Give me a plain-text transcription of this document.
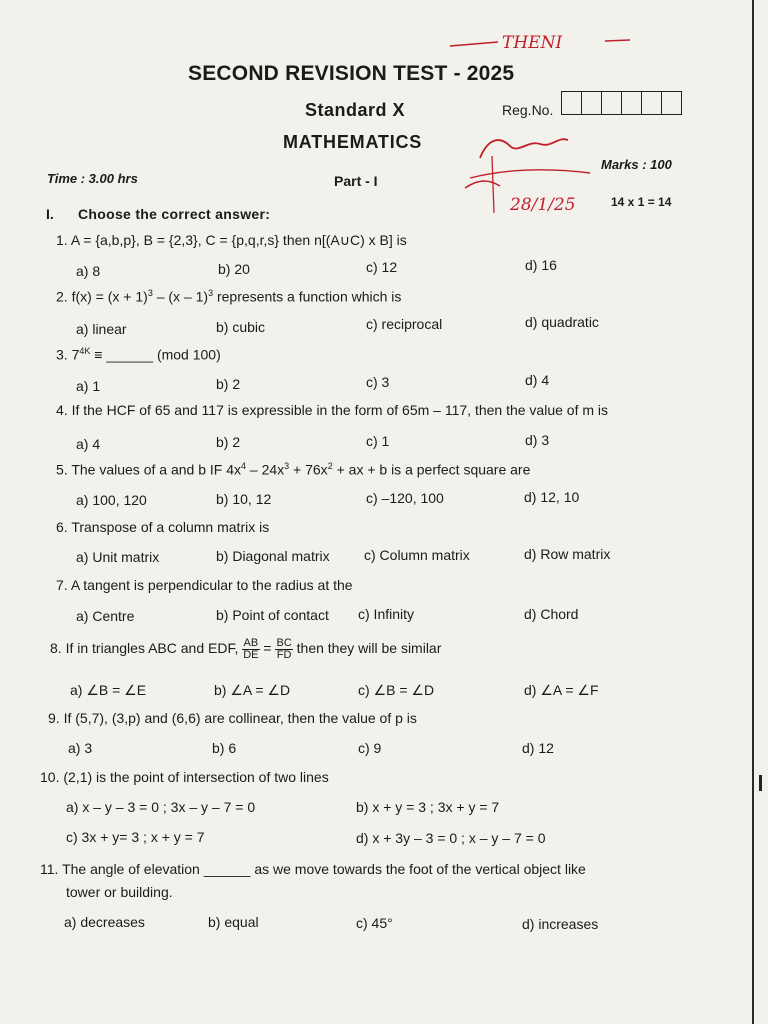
THENI
28/1/25
SECOND REVISION TEST - 2025
Standard X
MATHEMATICS
Reg.No.
Time : 3.00 hrs	Part - I
Marks : 100
14 x 1 = 14
I. Choose the correct answer:
1. A = {a,b,p}, B = {2,3}, C = {p,q,r,s} then n[(A∪C) x B] is
a) 8	b) 20	c) 12	d) 16
2. $f(x) = (x + 1)^3 - (x - 1)^3$ represents a function which is
a) linear	b) cubic	c) reciprocal	d) quadratic
3. $7^{4K}$ ≡ ______ (mod 100)
a) 1	b) 2	c) 3	d) 4
4. If the HCF of 65 and 117 is expressible in the form of 65m – 117, then the value of m is
a) 4	b) 2	c) 1	d) 3
5. The values of a and b IF $4x^4 - 24x^3 + 76x^2$ + ax + b is a perfect square are
a) 100, 120	b) 10, 12	c) –120, 100	d) 12, 10
6. Transpose of a column matrix is
a) Unit matrix	b) Diagonal matrix c) Column matrix	d) Row matrix
7. A tangent is perpendicular to the radius at the
a) Centre	b) Point of contact c) Infinity	d) Chord
8. If in triangles ABC and EDF, $\frac{AB}{DE} = \frac{BC}{FD}$ then they will be similar
a) ∠B = ∠E	b) ∠A = ∠D	c) ∠B = ∠D	d) ∠A = ∠F
9. If (5,7), (3,p) and (6,6) are collinear, then the value of p is
a) 3	b) 6	c) 9	d) 12
10. (2,1) is the point of intersection of two lines
a) x – y – 3 = 0 ; 3x – y – 7 = 0	b) x + y = 3 ; 3x + y = 7
c) 3x + y= 3 ; x + y = 7	d) x + 3y – 3 = 0 ; x – y – 7 = 0
11. The angle of elevation ______ as we move towards the foot of the vertical object like
tower or building.
a) decreases	b) equal	c) 45°	d) increases
